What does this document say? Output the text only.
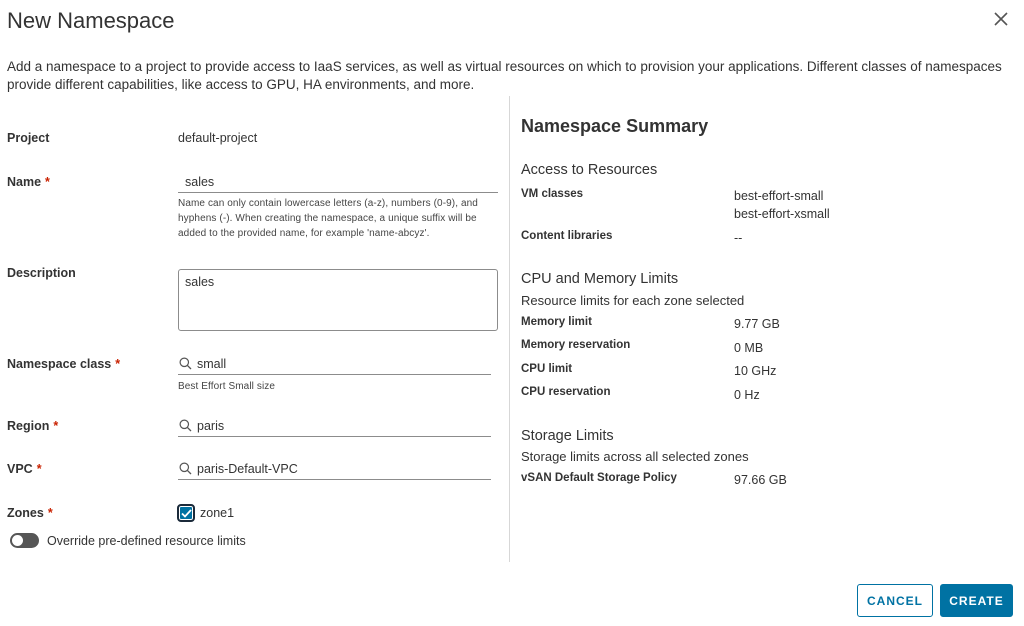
New Namespace

Add a namespace to a project to provide access to IaaS services, as well as virtual resources on which to provision your applications. Different classes of namespaces provide different capabilities, like access to GPU, HA environments, and more.

Project	default-project
Name *
sales
Name can only contain lowercase letters (a-z), numbers (0-9), and hyphens (-). When creating the namespace, a unique suffix will be added to the provided name, for example 'name-abcyz'.
Description
sales
Namespace class *
small
Best Effort Small size
Region *
paris
VPC *
paris-Default-VPC
Zones *	zone1
Override pre-defined resource limits
Namespace Summary
Access to Resources
VM classes	best-effort-small
best-effort-xsmall
Content libraries	--
CPU and Memory Limits
Resource limits for each zone selected
Memory limit	9.77 GB
Memory reservation	0 MB
CPU limit	10 GHz
CPU reservation	0 Hz
Storage Limits
Storage limits across all selected zones
vSAN Default Storage Policy	97.66 GB
CANCEL	CREATE
